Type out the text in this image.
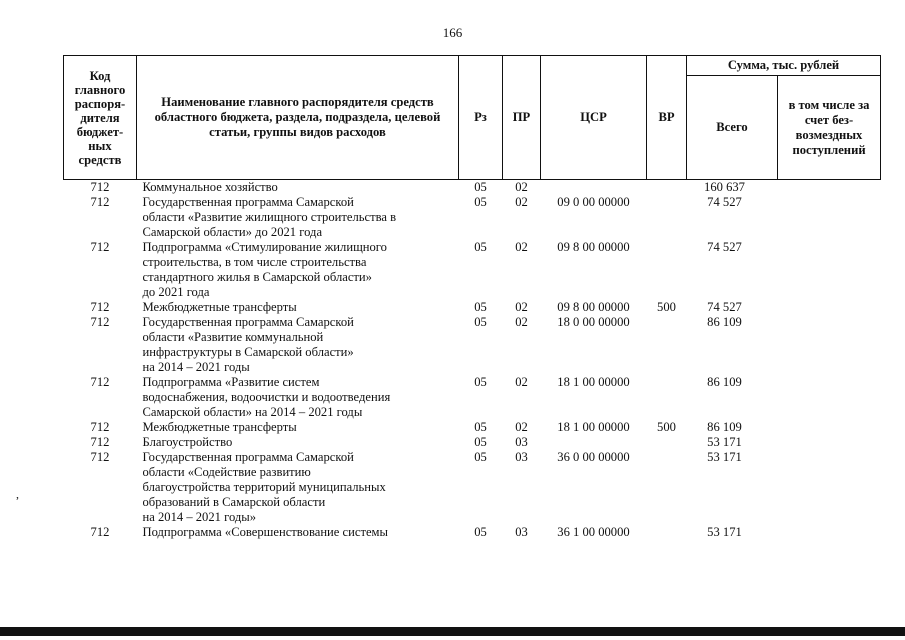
166
Код главного распоря-дителя бюджет-ных средств	Наименование главного распорядителя средств областного бюджета, раздела, подраздела, целевой статьи, группы видов расходов	Рз	ПР	ЦСР	ВР	Сумма, тыс. рублей	
						Всего	в том числе за счет без-возмездных поступлений
712	Коммунальное хозяйство	05	02			160 637	
712	Государственная программа Самарской
области «Развитие жилищного строительства в
Самарской области» до 2021 года	05	02	09 0 00 00000		74 527	
712	Подпрограмма «Стимулирование жилищного
строительства, в том числе строительства
стандартного жилья в Самарской области»
до 2021 года	05	02	09 8 00 00000		74 527	
712	Межбюджетные трансферты	05	02	09 8 00 00000	500	74 527	
712	Государственная программа Самарской
области «Развитие коммунальной
инфраструктуры в Самарской области»
на 2014 – 2021 годы	05	02	18 0 00 00000		86 109	
712	Подпрограмма «Развитие систем
водоснабжения, водоочистки и водоотведения
Самарской области» на 2014 – 2021 годы	05	02	18 1 00 00000		86 109	
712	Межбюджетные трансферты	05	02	18 1 00 00000	500	86 109	
712	Благоустройство	05	03			53 171	
712	Государственная программа Самарской
области «Содействие развитию
благоустройства территорий муниципальных
образований в Самарской области
на 2014 – 2021 годы»	05	03	36 0 00 00000		53 171	
712	Подпрограмма «Совершенствование системы	05	03	36 1 00 00000		53 171	
,
